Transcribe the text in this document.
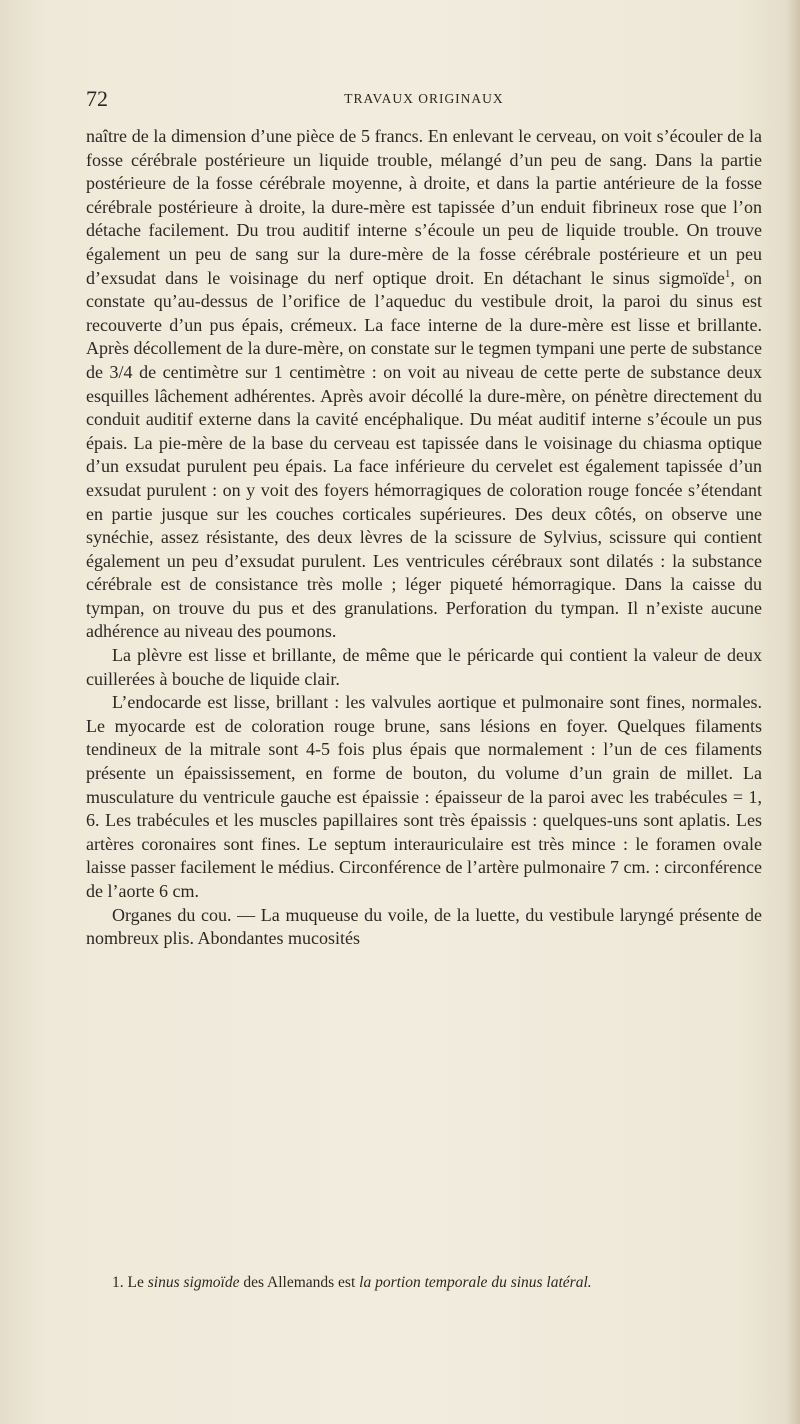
72	TRAVAUX ORIGINAUX

naître de la dimension d’une pièce de 5 francs. En enlevant le cerveau, on voit s’écouler de la fosse cérébrale postérieure un liquide trouble, mélangé d’un peu de sang. Dans la partie postérieure de la fosse cérébrale moyenne, à droite, et dans la partie antérieure de la fosse cérébrale postérieure à droite, la dure-mère est tapissée d’un enduit fibrineux rose que l’on détache facilement. Du trou auditif interne s’écoule un peu de liquide trouble. On trouve également un peu de sang sur la dure-mère de la fosse cérébrale postérieure et un peu d’exsudat dans le voisinage du nerf optique droit. En détachant le sinus sigmoïde$^1$, on constate qu’au-dessus de l’orifice de l’aqueduc du vestibule droit, la paroi du sinus est recouverte d’un pus épais, crémeux. La face interne de la dure-mère est lisse et brillante. Après décollement de la dure-mère, on constate sur le tegmen tympani une perte de substance de 3/4 de centimètre sur 1 centimètre : on voit au niveau de cette perte de substance deux esquilles lâchement adhérentes. Après avoir décollé la dure-mère, on pénètre directement du conduit auditif externe dans la cavité encéphalique. Du méat auditif interne s’écoule un pus épais. La pie-mère de la base du cerveau est tapissée dans le voisinage du chiasma optique d’un exsudat purulent peu épais. La face inférieure du cervelet est également tapissée d’un exsudat purulent : on y voit des foyers hémorragiques de coloration rouge foncée s’étendant en partie jusque sur les couches corticales supérieures. Des deux côtés, on observe une synéchie, assez résistante, des deux lèvres de la scissure de Sylvius, scissure qui contient également un peu d’exsudat purulent. Les ventricules cérébraux sont dilatés : la substance cérébrale est de consistance très molle ; léger piqueté hémorragique. Dans la caisse du tympan, on trouve du pus et des granulations. Perforation du tympan. Il n’existe aucune adhérence au niveau des poumons.

La plèvre est lisse et brillante, de même que le péricarde qui contient la valeur de deux cuillerées à bouche de liquide clair.

L’endocarde est lisse, brillant : les valvules aortique et pulmonaire sont fines, normales. Le myocarde est de coloration rouge brune, sans lésions en foyer. Quelques filaments tendineux de la mitrale sont 4-5 fois plus épais que normalement : l’un de ces filaments présente un épaississement, en forme de bouton, du volume d’un grain de millet. La musculature du ventricule gauche est épaissie : épaisseur de la paroi avec les trabécules = 1, 6. Les trabécules et les muscles papillaires sont très épaissis : quelques-uns sont aplatis. Les artères coronaires sont fines. Le septum interauriculaire est très mince : le foramen ovale laisse passer facilement le médius. Circonférence de l’artère pulmonaire 7 cm. : circonférence de l’aorte 6 cm.

Organes du cou. — La muqueuse du voile, de la luette, du vestibule laryngé présente de nombreux plis. Abondantes mucosités

1. Le sinus sigmoïde des Allemands est la portion temporale du sinus latéral.
